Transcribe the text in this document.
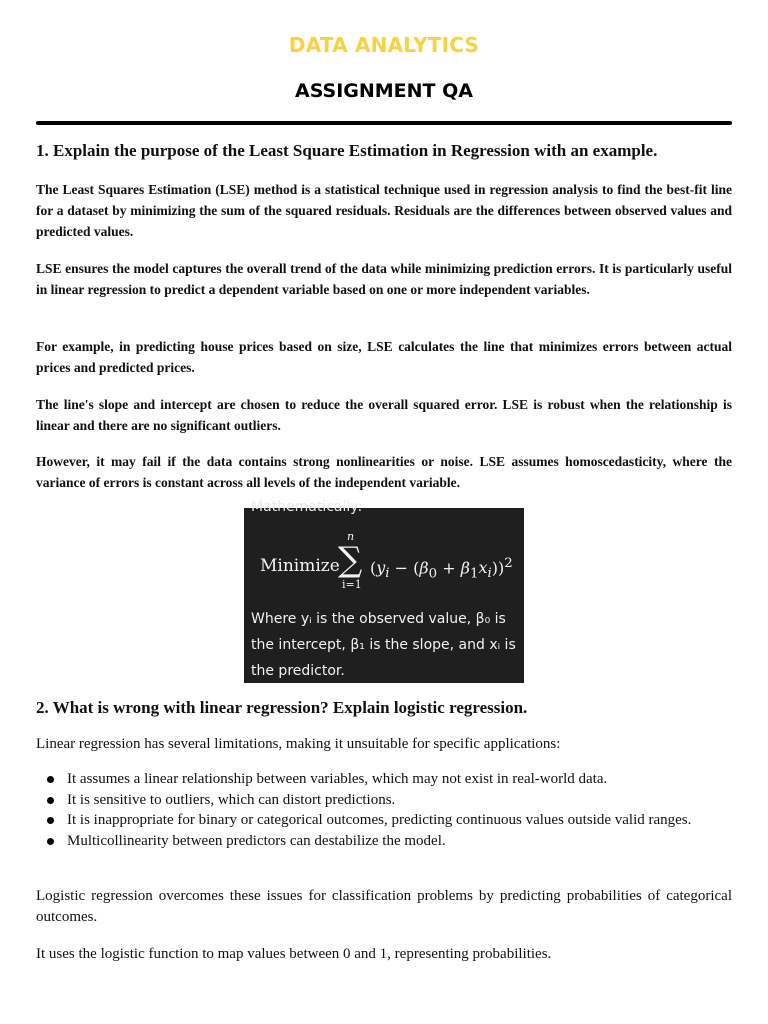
DATA ANALYTICS
ASSIGNMENT QA
1. Explain the purpose of the Least Square Estimation in Regression with an example.

The Least Squares Estimation (LSE) method is a statistical technique used in regression analysis to find the best-fit line for a dataset by minimizing the sum of the squared residuals. Residuals are the differences between observed values and predicted values.

LSE ensures the model captures the overall trend of the data while minimizing prediction errors. It is particularly useful in linear regression to predict a dependent variable based on one or more independent variables.

For example, in predicting house prices based on size, LSE calculates the line that minimizes errors between actual prices and predicted prices.

The line's slope and intercept are chosen to reduce the overall squared error. LSE is robust when the relationship is linear and there are no significant outliers.

However, it may fail if the data contains strong nonlinearities or noise. LSE assumes homoscedasticity, where the variance of errors is constant across all levels of the independent variable.

Mathematically:
Minimize
n
∑
i=1
$(y_i - (\beta_0 + \beta_1x_i))^2$
Where yᵢ is the observed value, β₀ is the intercept, β₁ is the slope, and xᵢ is the predictor.
2. What is wrong with linear regression? Explain logistic regression.

Linear regression has several limitations, making it unsuitable for specific applications:

It assumes a linear relationship between variables, which may not exist in real-world data.
It is sensitive to outliers, which can distort predictions.
It is inappropriate for binary or categorical outcomes, predicting continuous values outside valid ranges.
Multicollinearity between predictors can destabilize the model.

Logistic regression overcomes these issues for classification problems by predicting probabilities of categorical outcomes.

It uses the logistic function to map values between 0 and 1, representing probabilities.
